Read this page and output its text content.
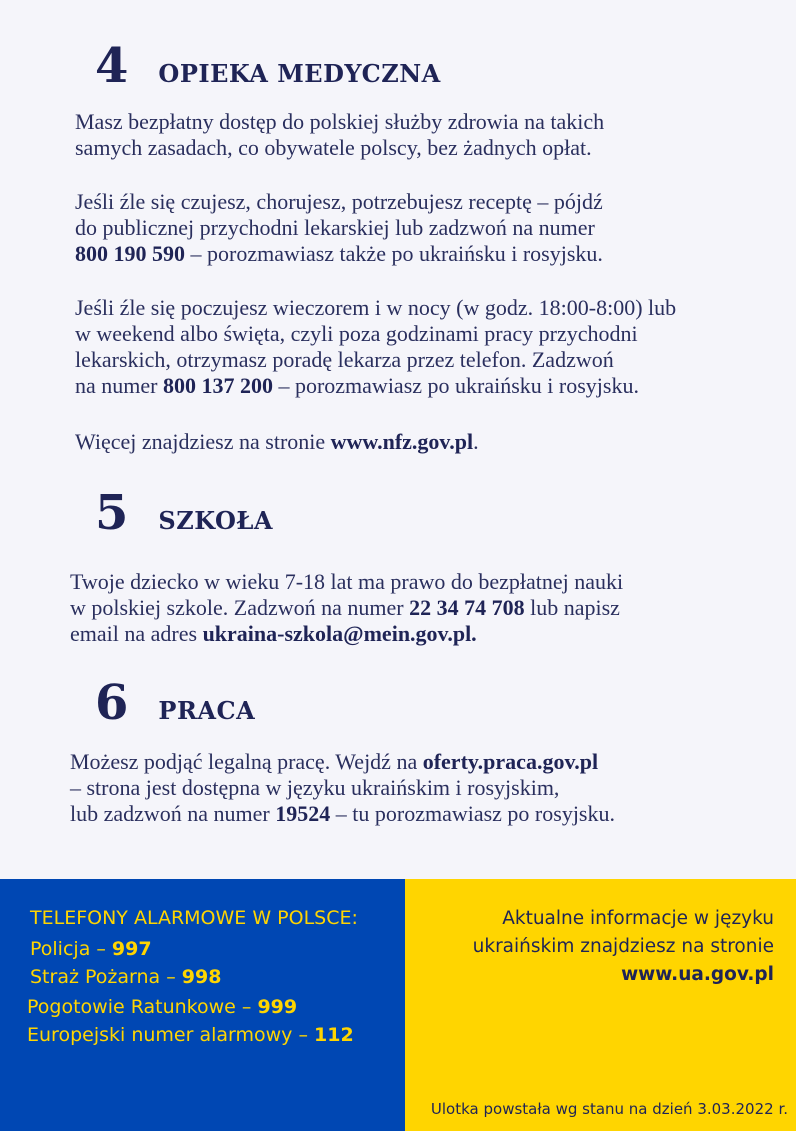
4 OPIEKA MEDYCZNA

Masz bezpłatny dostęp do polskiej służby zdrowia na takich
samych zasadach, co obywatele polscy, bez żadnych opłat.

Jeśli źle się czujesz, chorujesz, potrzebujesz receptę – pójdź
do publicznej przychodni lekarskiej lub zadzwoń na numer
800 190 590 – porozmawiasz także po ukraińsku i rosyjsku.

Jeśli źle się poczujesz wieczorem i w nocy (w godz. 18:00-8:00) lub
w weekend albo święta, czyli poza godzinami pracy przychodni
lekarskich, otrzymasz poradę lekarza przez telefon. Zadzwoń
na numer 800 137 200 – porozmawiasz po ukraińsku i rosyjsku.

Więcej znajdziesz na stronie www.nfz.gov.pl.

5 SZKOŁA

Twoje dziecko w wieku 7-18 lat ma prawo do bezpłatnej nauki
w polskiej szkole. Zadzwoń na numer 22 34 74 708 lub napisz
email na adres ukraina-szkola@mein.gov.pl.

6 PRACA

Możesz podjąć legalną pracę. Wejdź na oferty.praca.gov.pl
– strona jest dostępna w języku ukraińskim i rosyjskim,
lub zadzwoń na numer 19524 – tu porozmawiasz po rosyjsku.

TELEFONY ALARMOWE W POLSCE:
Policja – 997
Straż Pożarna – 998
Pogotowie Ratunkowe – 999
Europejski numer alarmowy – 112
Aktualne informacje w języku
ukraińskim znajdziesz na stronie
www.ua.gov.pl
Ulotka powstała wg stanu na dzień 3.03.2022 r.
